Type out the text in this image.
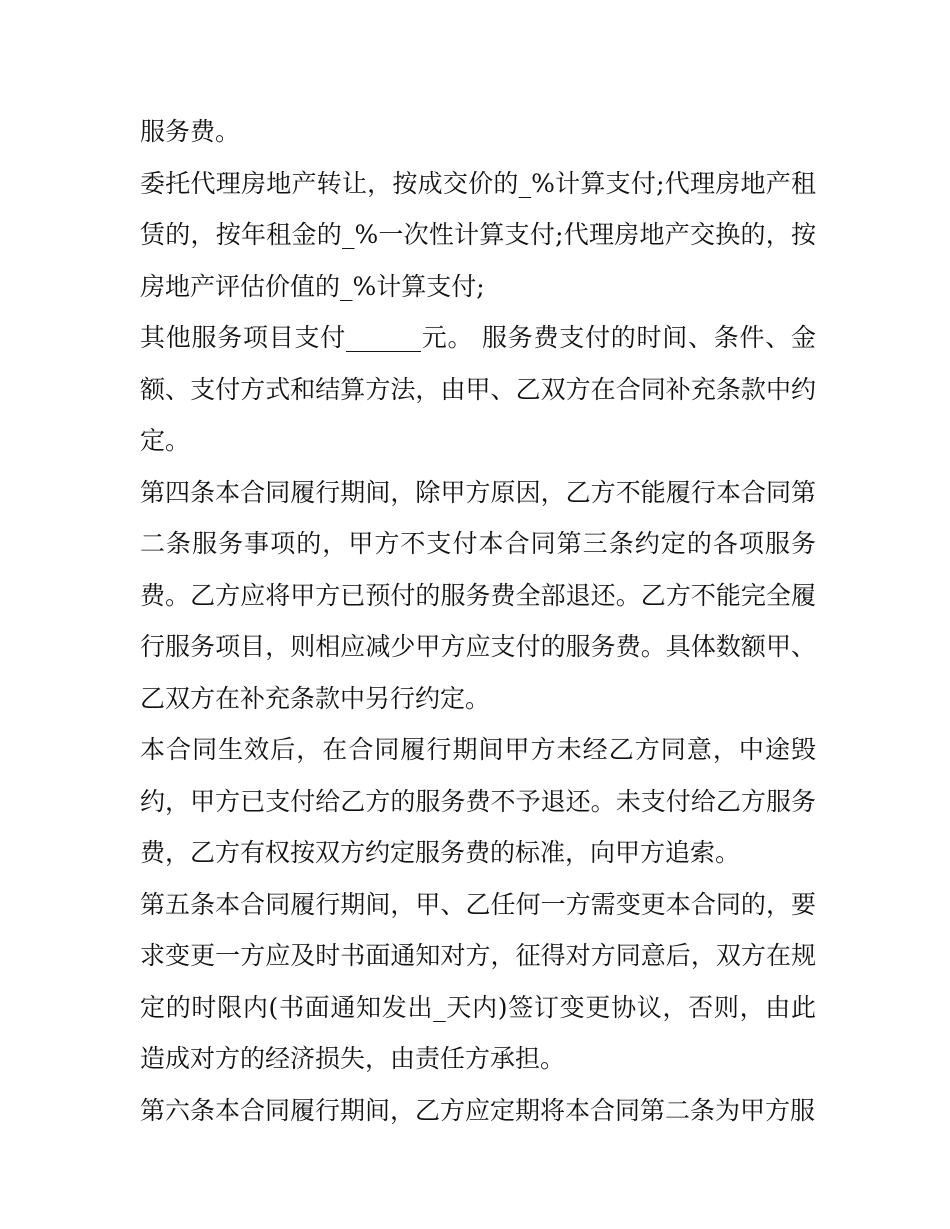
服务费。

委托代理房地产转让，按成交价的_%计算支付;代理房地产租赁的，按年租金的_%一次性计算支付;代理房地产交换的，按房地产评估价值的_%计算支付;

其他服务项目支付______元。 服务费支付的时间、条件、金额、支付方式和结算方法，由甲、乙双方在合同补充条款中约定。

第四条本合同履行期间，除甲方原因，乙方不能履行本合同第二条服务事项的，甲方不支付本合同第三条约定的各项服务费。乙方应将甲方已预付的服务费全部退还。乙方不能完全履行服务项目，则相应减少甲方应支付的服务费。具体数额甲、乙双方在补充条款中另行约定。

本合同生效后，在合同履行期间甲方未经乙方同意，中途毁约，甲方已支付给乙方的服务费不予退还。未支付给乙方服务费，乙方有权按双方约定服务费的标准，向甲方追索。

第五条本合同履行期间，甲、乙任何一方需变更本合同的，要求变更一方应及时书面通知对方，征得对方同意后，双方在规定的时限内(书面通知发出_天内)签订变更协议，否则，由此造成对方的经济损失，由责任方承担。

第六条本合同履行期间，乙方应定期将本合同第二条为甲方服
